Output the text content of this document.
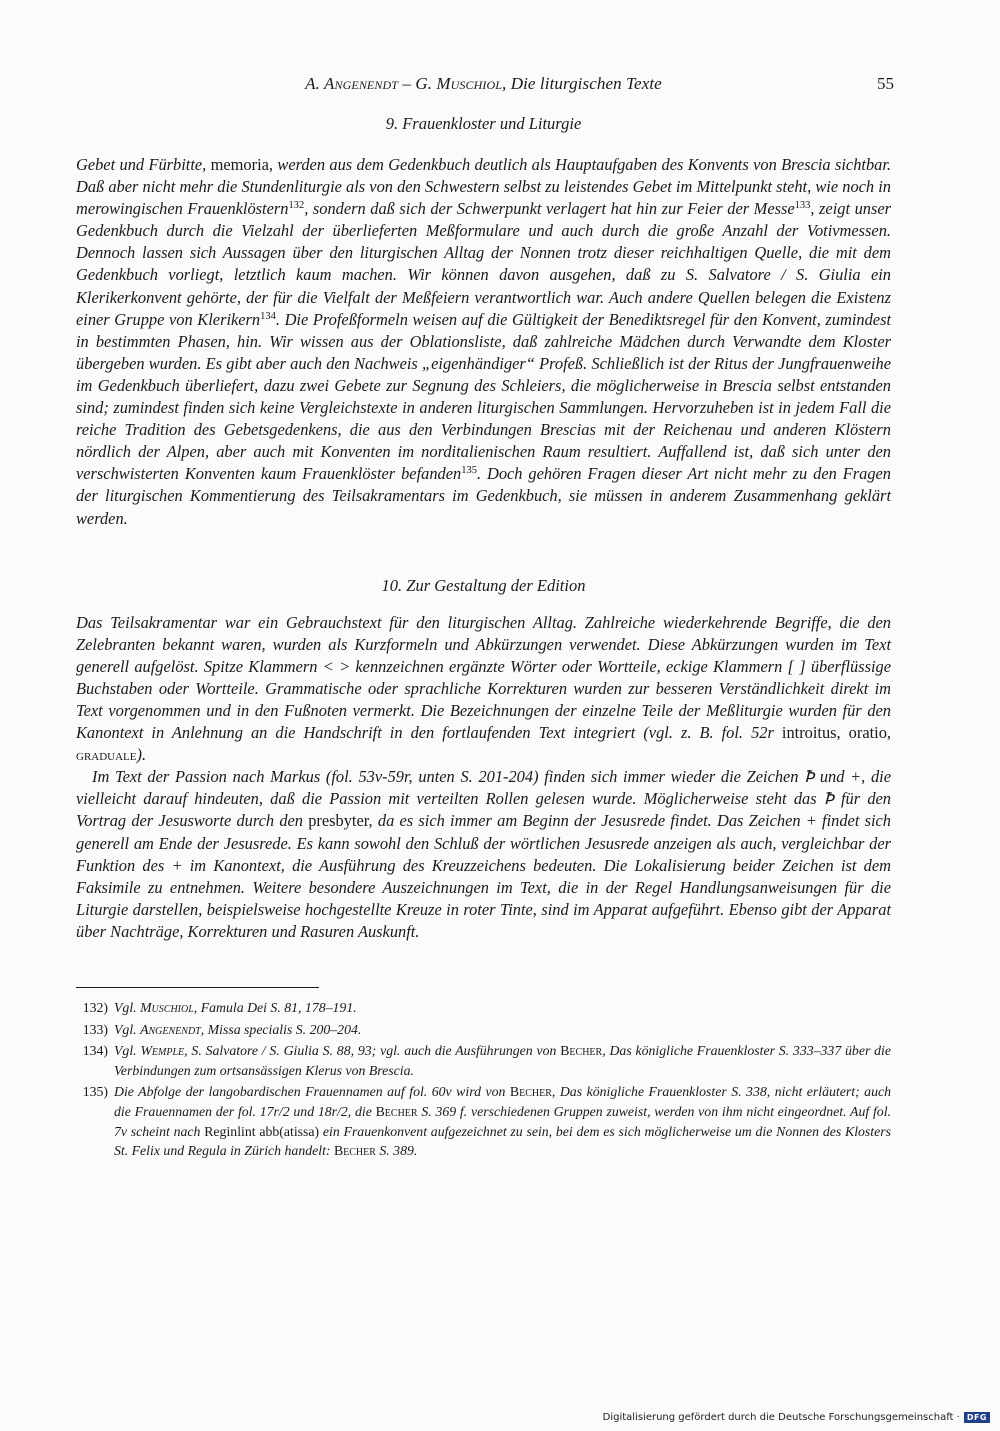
A. Angenendt – G. Muschiol, Die liturgischen Texte	55
9. Frauenkloster und Liturgie

Gebet und Fürbitte, memoria, werden aus dem Gedenkbuch deutlich als Hauptaufgaben des Konvents von Brescia sichtbar. Daß aber nicht mehr die Stundenliturgie als von den Schwestern selbst zu leistendes Gebet im Mittelpunkt steht, wie noch in merowingischen Frauenklöstern$^{132}$, sondern daß sich der Schwerpunkt verlagert hat hin zur Feier der Messe$^{133}$, zeigt unser Gedenkbuch durch die Vielzahl der überlieferten Meßformulare und auch durch die große Anzahl der Votivmessen. Dennoch lassen sich Aussagen über den liturgischen Alltag der Nonnen trotz dieser reichhaltigen Quelle, die mit dem Gedenkbuch vorliegt, letztlich kaum machen. Wir können davon ausgehen, daß zu S. Salvatore / S. Giulia ein Klerikerkonvent gehörte, der für die Vielfalt der Meßfeiern verantwortlich war. Auch andere Quellen belegen die Existenz einer Gruppe von Klerikern$^{134}$. Die Profeßformeln weisen auf die Gültigkeit der Benediktsregel für den Konvent, zumindest in bestimmten Phasen, hin. Wir wissen aus der Oblationsliste, daß zahlreiche Mädchen durch Verwandte dem Kloster übergeben wurden. Es gibt aber auch den Nachweis „eigenhändiger“ Profeß. Schließlich ist der Ritus der Jungfrauenweihe im Gedenkbuch überliefert, dazu zwei Gebete zur Segnung des Schleiers, die möglicherweise in Brescia selbst entstanden sind; zumindest finden sich keine Vergleichstexte in anderen liturgischen Sammlungen. Hervorzuheben ist in jedem Fall die reiche Tradition des Gebetsgedenkens, die aus den Verbindungen Brescias mit der Reichenau und anderen Klöstern nördlich der Alpen, aber auch mit Konventen im norditalienischen Raum resultiert. Auffallend ist, daß sich unter den verschwisterten Konventen kaum Frauenklöster befanden$^{135}$. Doch gehören Fragen dieser Art nicht mehr zu den Fragen der liturgischen Kommentierung des Teilsakramentars im Gedenkbuch, sie müssen in anderem Zusammenhang geklärt werden.

10. Zur Gestaltung der Edition

Das Teilsakramentar war ein Gebrauchstext für den liturgischen Alltag. Zahlreiche wiederkehrende Begriffe, die den Zelebranten bekannt waren, wurden als Kurzformeln und Abkürzungen verwendet. Diese Abkürzungen wurden im Text generell aufgelöst. Spitze Klammern < > kennzeichnen ergänzte Wörter oder Wortteile, eckige Klammern [ ] überflüssige Buchstaben oder Wortteile. Grammatische oder sprachliche Korrekturen wurden zur besseren Verständlichkeit direkt im Text vorgenommen und in den Fußnoten vermerkt. Die Bezeichnungen der einzelne Teile der Meßliturgie wurden für den Kanontext in Anlehnung an die Handschrift in den fortlaufenden Text integriert (vgl. z. B. fol. 52r introitus, oratio, graduale).

Im Text der Passion nach Markus (fol. 53v-59r, unten S. 201-204) finden sich immer wieder die Zeichen Ꝥ und +, die vielleicht darauf hindeuten, daß die Passion mit verteilten Rollen gelesen wurde. Möglicherweise steht das Ꝥ für den Vortrag der Jesusworte durch den presbyter, da es sich immer am Beginn der Jesusrede findet. Das Zeichen + findet sich generell am Ende der Jesusrede. Es kann sowohl den Schluß der wörtlichen Jesusrede anzeigen als auch, vergleichbar der Funktion des + im Kanontext, die Ausführung des Kreuzzeichens bedeuten. Die Lokalisierung beider Zeichen ist dem Faksimile zu entnehmen. Weitere besondere Auszeichnungen im Text, die in der Regel Handlungsanweisungen für die Liturgie darstellen, beispielsweise hochgestellte Kreuze in roter Tinte, sind im Apparat aufgeführt. Ebenso gibt der Apparat über Nachträge, Korrekturen und Rasuren Auskunft.

132) Vgl. Muschiol, Famula Dei S. 81, 178–191.
133) Vgl. Angenendt, Missa specialis S. 200–204.
134) Vgl. Wemple, S. Salvatore / S. Giulia S. 88, 93; vgl. auch die Ausführungen von Becher, Das königliche Frauenkloster S. 333–337 über die Verbindungen zum ortsansässigen Klerus von Brescia.
135) Die Abfolge der langobardischen Frauennamen auf fol. 60v wird von Becher, Das königliche Frauenkloster S. 338, nicht erläutert; auch die Frauennamen der fol. 17r/2 und 18r/2, die Becher S. 369 f. verschiedenen Gruppen zuweist, werden von ihm nicht eingeordnet. Auf fol. 7v scheint nach Reginlint abb(atissa) ein Frauenkonvent aufgezeichnet zu sein, bei dem es sich möglicherweise um die Nonnen des Klosters St. Felix und Regula in Zürich handelt: Becher S. 389.
Digitalisierung gefördert durch die Deutsche Forschungsgemeinschaft · DFG
